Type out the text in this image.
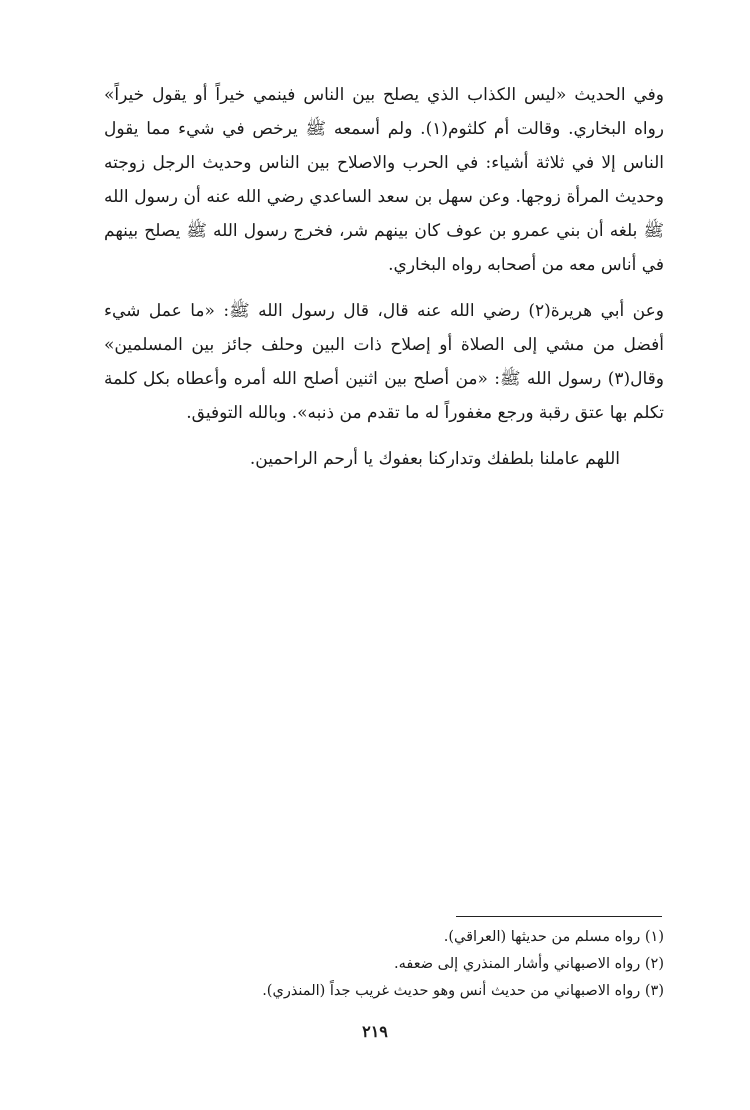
وفي الحديث «ليس الكذاب الذي يصلح بين الناس فينمي خيراً أو يقول خيراً» رواه البخاري. وقالت أم كلثوم(١). ولم أسمعه ﷺ يرخص في شيء مما يقول الناس إلا في ثلاثة أشياء: في الحرب والاصلاح بين الناس وحديث الرجل زوجته وحديث المرأة زوجها. وعن سهل بن سعد الساعدي رضي الله عنه أن رسول الله ﷺ بلغه أن بني عمرو بن عوف كان بينهم شر، فخرج رسول الله ﷺ يصلح بينهم في أناس معه من أصحابه رواه البخاري.

وعن أبي هريرة(٢) رضي الله عنه قال، قال رسول الله ﷺ: «ما عمل شيء أفضل من مشي إلى الصلاة أو إصلاح ذات البين وحلف جائز بين المسلمين» وقال(٣) رسول الله ﷺ: «من أصلح بين اثنين أصلح الله أمره وأعطاه بكل كلمة تكلم بها عتق رقبة ورجع مغفوراً له ما تقدم من ذنبه». وبالله التوفيق.

اللهم عاملنا بلطفك وتداركنا بعفوك يا أرحم الراحمين.

(١) رواه مسلم من حديثها (العراقي).
(٢) رواه الاصبهاني وأشار المنذري إلى ضعفه.
(٣) رواه الاصبهاني من حديث أنس وهو حديث غريب جداً (المنذري).
٢١٩
